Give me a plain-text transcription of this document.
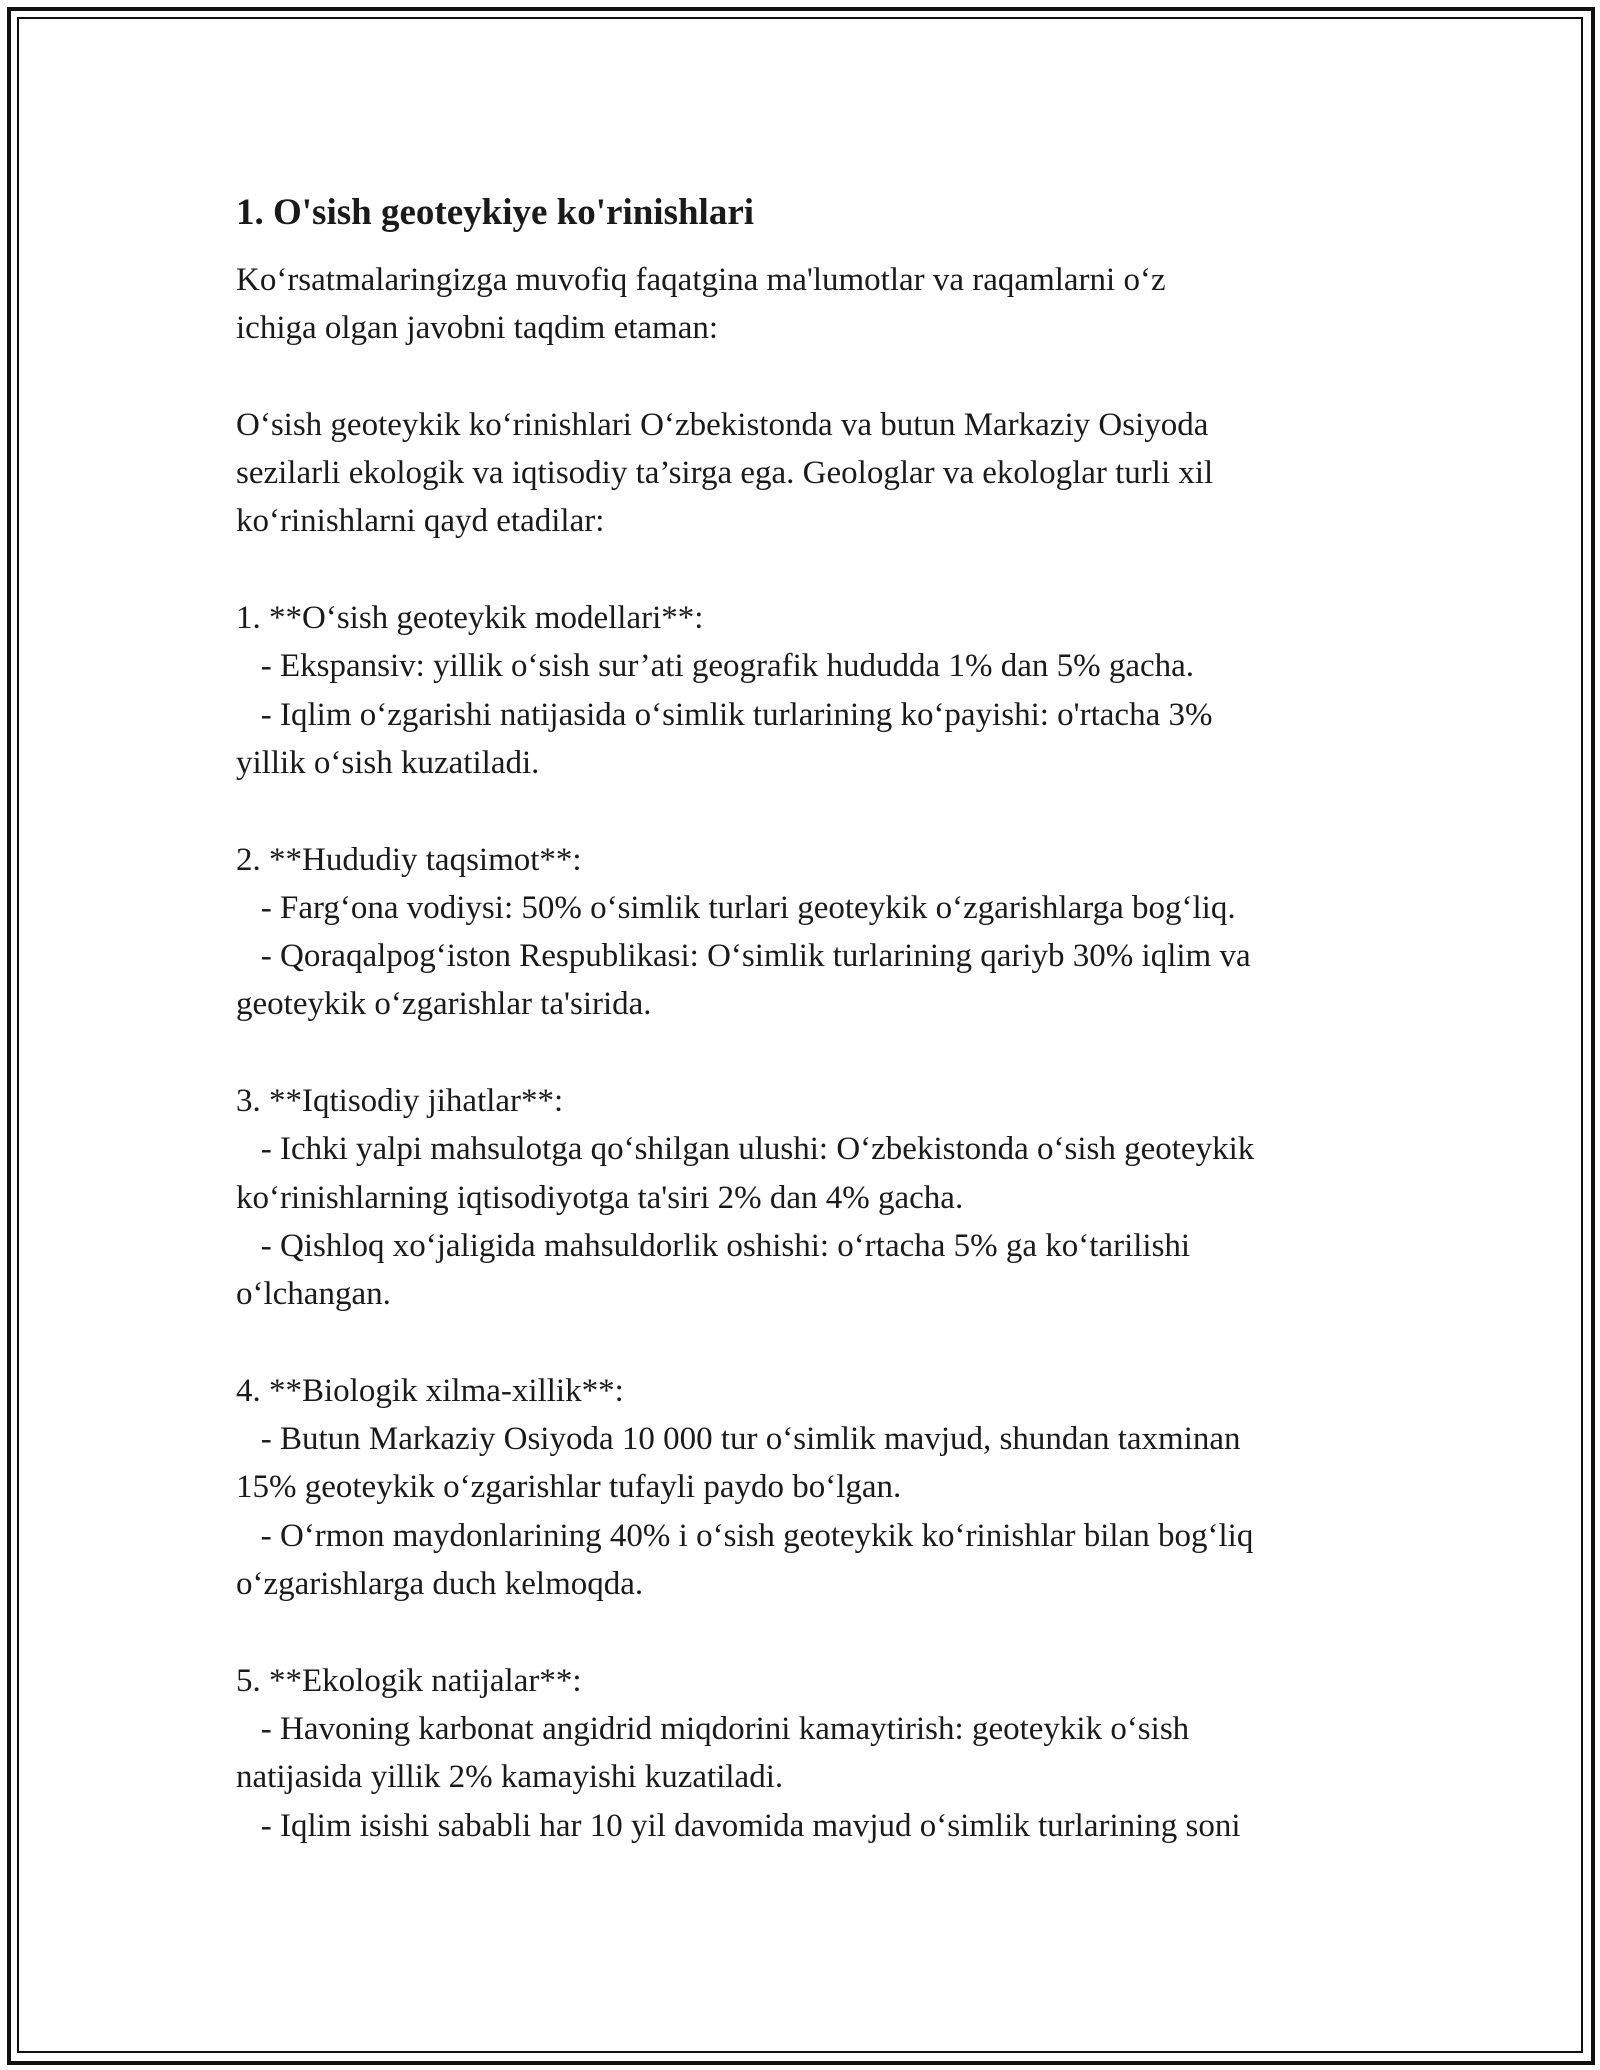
1. O'sish geoteykiye ko'rinishlari
Ko‘rsatmalaringizga muvofiq faqatgina ma'lumotlar va raqamlarni o‘z
ichiga olgan javobni taqdim etaman:
O‘sish geoteykik ko‘rinishlari O‘zbekistonda va butun Markaziy Osiyoda
sezilarli ekologik va iqtisodiy ta’sirga ega. Geologlar va ekologlar turli xil
ko‘rinishlarni qayd etadilar:
1. **O‘sish geoteykik modellari**:
- Ekspansiv: yillik o‘sish sur’ati geografik hududda 1% dan 5% gacha.
- Iqlim o‘zgarishi natijasida o‘simlik turlarining ko‘payishi: o'rtacha 3%
yillik o‘sish kuzatiladi.
2. **Hududiy taqsimot**:
- Farg‘ona vodiysi: 50% o‘simlik turlari geoteykik o‘zgarishlarga bog‘liq.
- Qoraqalpog‘iston Respublikasi: O‘simlik turlarining qariyb 30% iqlim va
geoteykik o‘zgarishlar ta'sirida.
3. **Iqtisodiy jihatlar**:
- Ichki yalpi mahsulotga qo‘shilgan ulushi: O‘zbekistonda o‘sish geoteykik
ko‘rinishlarning iqtisodiyotga ta'siri 2% dan 4% gacha.
- Qishloq xo‘jaligida mahsuldorlik oshishi: o‘rtacha 5% ga ko‘tarilishi
o‘lchangan.
4. **Biologik xilma-xillik**:
- Butun Markaziy Osiyoda 10 000 tur o‘simlik mavjud, shundan taxminan
15% geoteykik o‘zgarishlar tufayli paydo bo‘lgan.
- O‘rmon maydonlarining 40% i o‘sish geoteykik ko‘rinishlar bilan bog‘liq
o‘zgarishlarga duch kelmoqda.
5. **Ekologik natijalar**:
- Havoning karbonat angidrid miqdorini kamaytirish: geoteykik o‘sish
natijasida yillik 2% kamayishi kuzatiladi.
- Iqlim isishi sababli har 10 yil davomida mavjud o‘simlik turlarining soni
